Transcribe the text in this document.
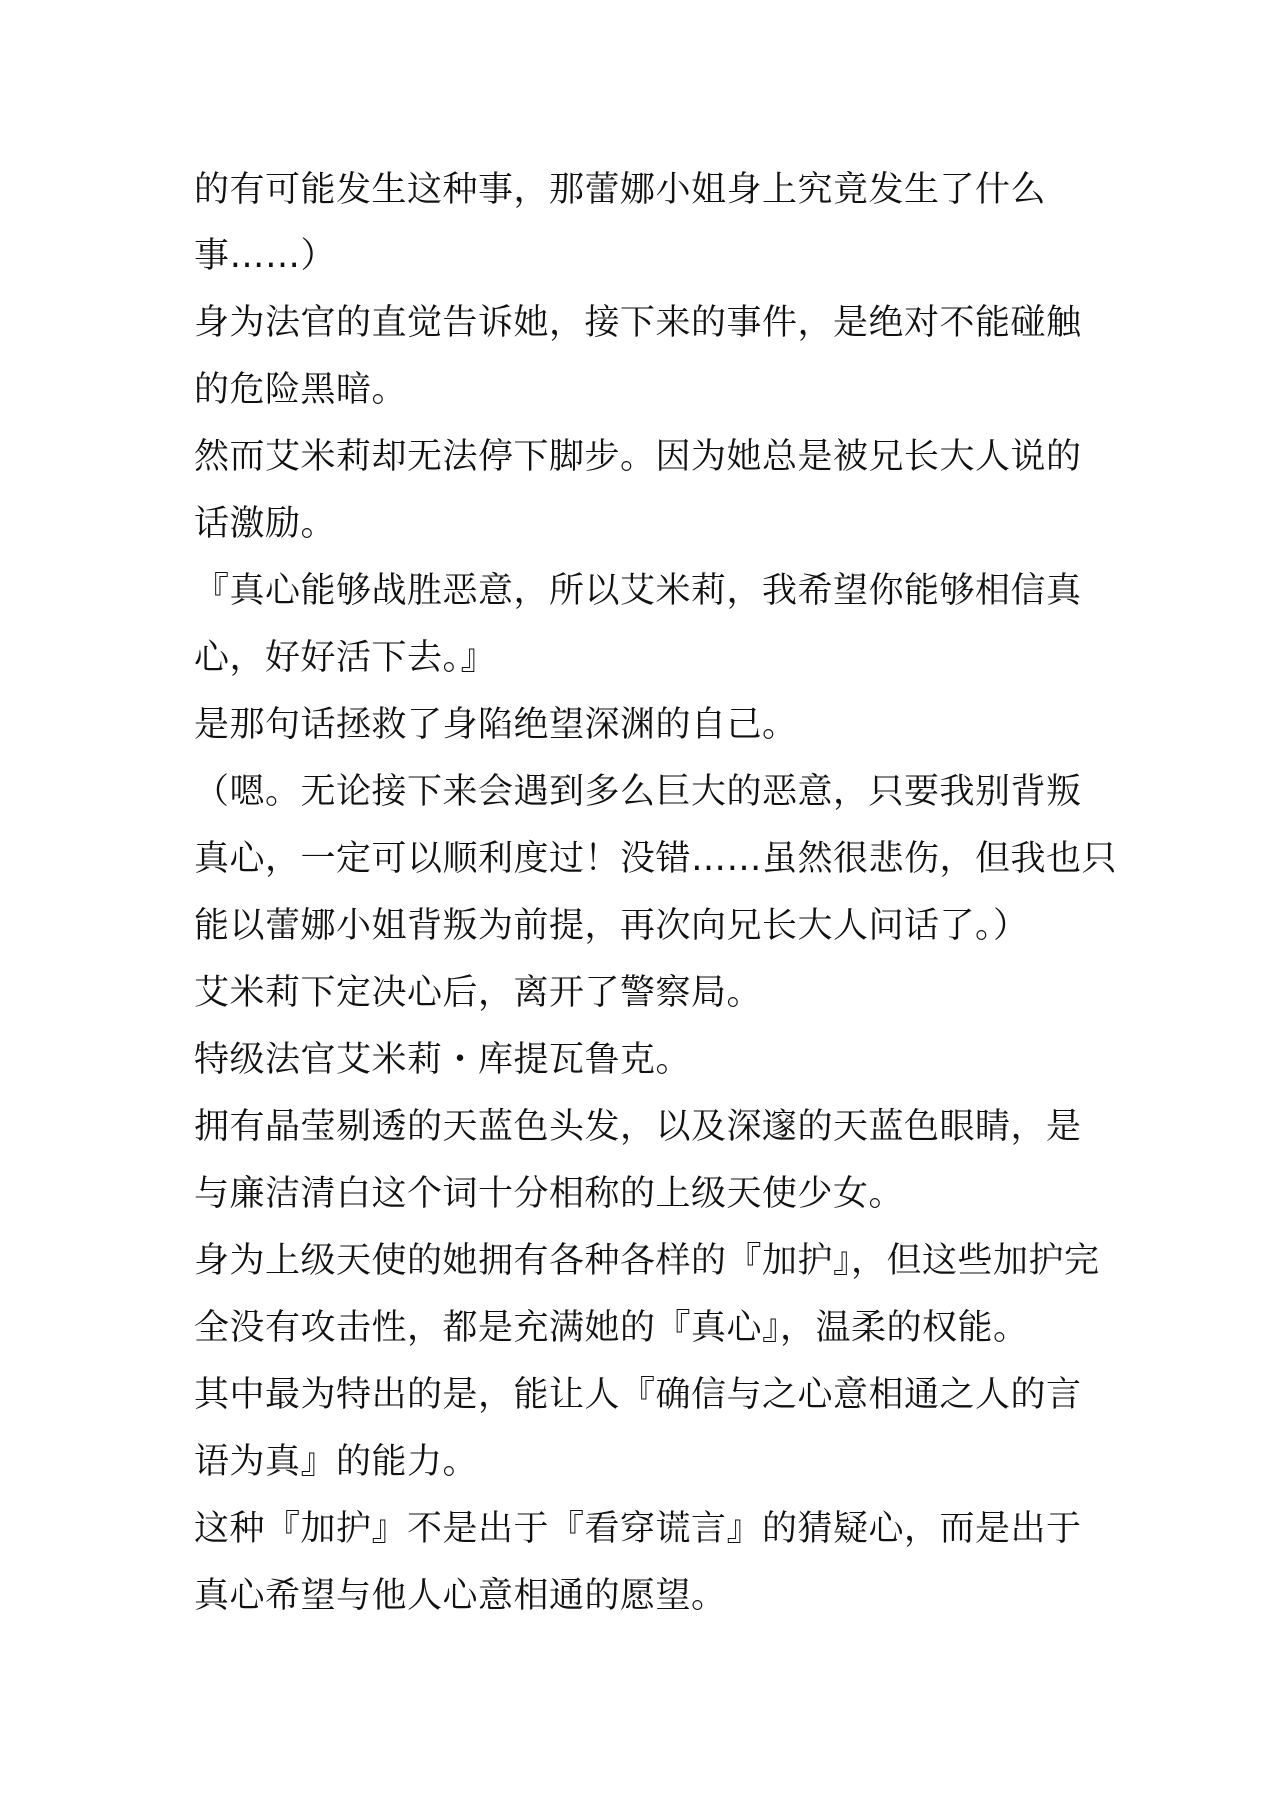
的有可能发生这种事，那蕾娜小姐身上究竟发生了什么
事……）
身为法官的直觉告诉她，接下来的事件，是绝对不能碰触
的危险黑暗。
然而艾米莉却无法停下脚步。因为她总是被兄长大人说的
话激励。
『真心能够战胜恶意，所以艾米莉，我希望你能够相信真
心，好好活下去。』
是那句话拯救了身陷绝望深渊的自己。
（嗯。无论接下来会遇到多么巨大的恶意，只要我别背叛
真心，一定可以顺利度过！没错……虽然很悲伤，但我也只
能以蕾娜小姐背叛为前提，再次向兄长大人问话了。）
艾米莉下定决心后，离开了警察局。
特级法官艾米莉・库提瓦鲁克。
拥有晶莹剔透的天蓝色头发，以及深邃的天蓝色眼睛，是
与廉洁清白这个词十分相称的上级天使少女。
身为上级天使的她拥有各种各样的『加护』，但这些加护完
全没有攻击性，都是充满她的『真心』，温柔的权能。
其中最为特出的是，能让人『确信与之心意相通之人的言
语为真』的能力。
这种『加护』不是出于『看穿谎言』的猜疑心，而是出于
真心希望与他人心意相通的愿望。
